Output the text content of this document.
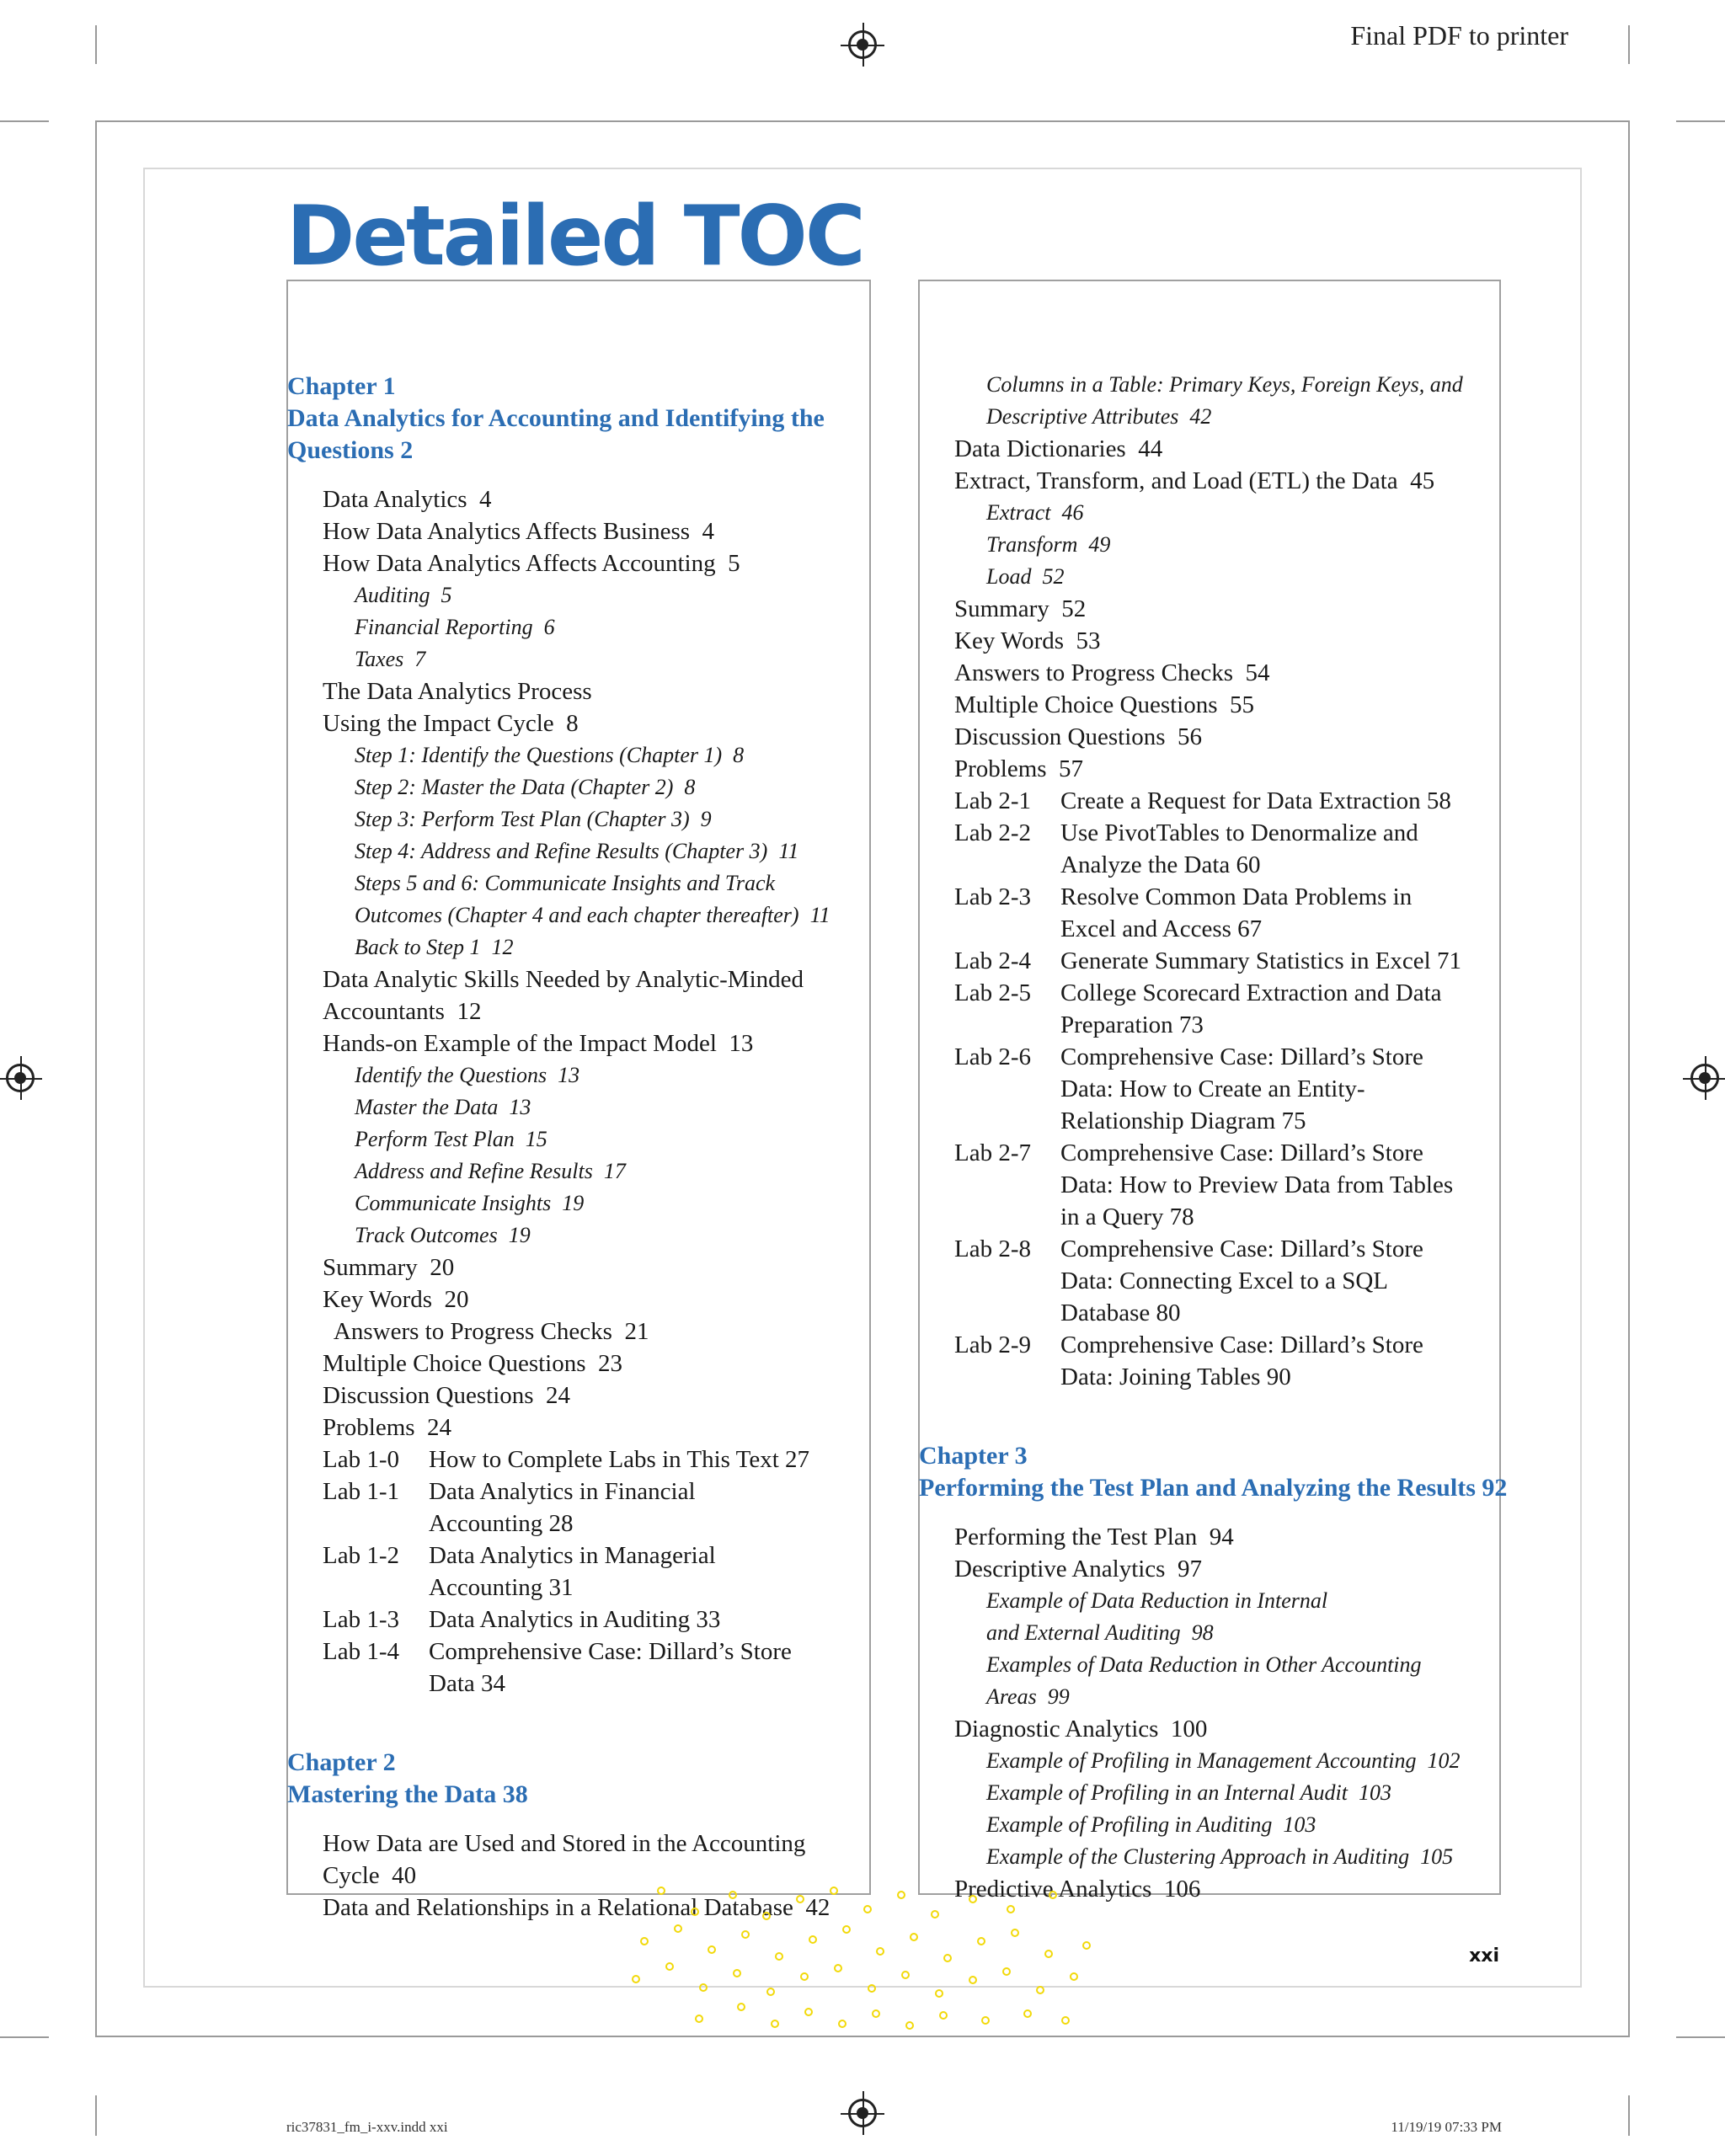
Final PDF to printer
Detailed TOC
Chapter 1
Data Analytics for Accounting and Identifying the
Questions 2
Data Analytics  4
How Data Analytics Affects Business  4
How Data Analytics Affects Accounting  5
Auditing  5
Financial Reporting  6
Taxes  7
The Data Analytics Process
Using the Impact Cycle  8
Step 1: Identify the Questions (Chapter 1)  8
Step 2: Master the Data (Chapter 2)  8
Step 3: Perform Test Plan (Chapter 3)  9
Step 4: Address and Refine Results (Chapter 3)  11
Steps 5 and 6: Communicate Insights and Track
Outcomes (Chapter 4 and each chapter thereafter)  11
Back to Step 1  12
Data Analytic Skills Needed by Analytic-Minded
Accountants  12
Hands-on Example of the Impact Model  13
Identify the Questions  13
Master the Data  13
Perform Test Plan  15
Address and Refine Results  17
Communicate Insights  19
Track Outcomes  19
Summary  20
Key Words  20
Answers to Progress Checks  21
Multiple Choice Questions  23
Discussion Questions  24
Problems  24
Lab 1-0 How to Complete Labs in This Text 27
Lab 1-1 Data Analytics in Financial
Accounting 28
Lab 1-2 Data Analytics in Managerial
Accounting 31
Lab 1-3 Data Analytics in Auditing 33
Lab 1-4 Comprehensive Case: Dillard’s Store
Data 34
Chapter 2
Mastering the Data 38
How Data are Used and Stored in the Accounting
Cycle  40
Data and Relationships in a Relational Database  42
Columns in a Table: Primary Keys, Foreign Keys, and
Descriptive Attributes  42
Data Dictionaries  44
Extract, Transform, and Load (ETL) the Data  45
Extract  46
Transform  49
Load  52
Summary  52
Key Words  53
Answers to Progress Checks  54
Multiple Choice Questions  55
Discussion Questions  56
Problems  57
Lab 2-1 Create a Request for Data Extraction 58
Lab 2-2 Use PivotTables to Denormalize and
Analyze the Data 60
Lab 2-3 Resolve Common Data Problems in
Excel and Access 67
Lab 2-4 Generate Summary Statistics in Excel 71
Lab 2-5 College Scorecard Extraction and Data
Preparation 73
Lab 2-6 Comprehensive Case: Dillard’s Store
Data: How to Create an Entity-
Relationship Diagram 75
Lab 2-7 Comprehensive Case: Dillard’s Store
Data: How to Preview Data from Tables
in a Query 78
Lab 2-8 Comprehensive Case: Dillard’s Store
Data: Connecting Excel to a SQL
Database 80
Lab 2-9 Comprehensive Case: Dillard’s Store
Data: Joining Tables 90
Chapter 3
Performing the Test Plan and Analyzing the Results 92
Performing the Test Plan  94
Descriptive Analytics  97
Example of Data Reduction in Internal
and External Auditing  98
Examples of Data Reduction in Other Accounting
Areas  99
Diagnostic Analytics  100
Example of Profiling in Management Accounting  102
Example of Profiling in an Internal Audit  103
Example of Profiling in Auditing  103
Example of the Clustering Approach in Auditing  105
Predictive Analytics  106
xxi
ric37831_fm_i-xxv.indd xxi	11/19/19 07:33 PM
